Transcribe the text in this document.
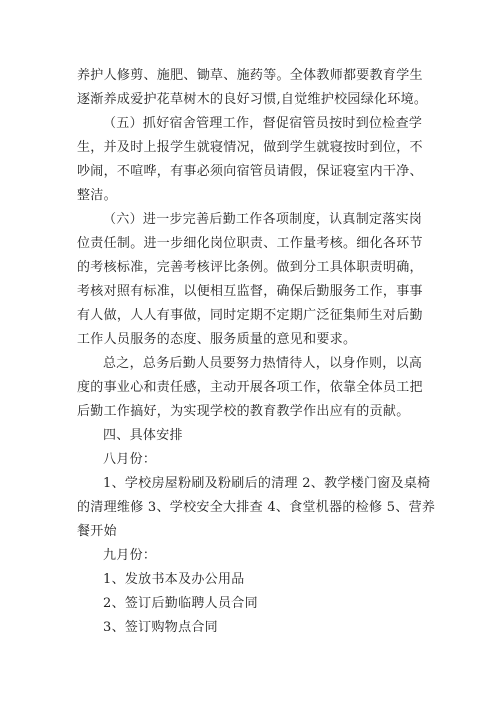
养护人修剪、施肥、锄草、施药等。全体教师都要教育学生
逐渐养成爱护花草树木的良好习惯,自觉维护校园绿化环境。
（五）抓好宿舍管理工作，督促宿管员按时到位检查学
生，并及时上报学生就寝情况，做到学生就寝按时到位，不
吵闹，不喧哗，有事必须向宿管员请假，保证寝室内干净、
整洁。
（六）进一步完善后勤工作各项制度，认真制定落实岗
位责任制。进一步细化岗位职责、工作量考核。细化各环节
的考核标准，完善考核评比条例。做到分工具体职责明确，
考核对照有标准，以便相互监督，确保后勤服务工作，事事
有人做，人人有事做，同时定期不定期广泛征集师生对后勤
工作人员服务的态度、服务质量的意见和要求。
总之，总务后勤人员要努力热情待人，以身作则，以高
度的事业心和责任感，主动开展各项工作，依靠全体员工把
后勤工作搞好，为实现学校的教育教学作出应有的贡献。
四、具体安排
八月份：
1、学校房屋粉刷及粉刷后的清理 2、教学楼门窗及桌椅
的清理维修 3、学校安全大排查 4、食堂机器的检修 5、营养
餐开始
九月份：
1、发放书本及办公用品
2、签订后勤临聘人员合同
3、签订购物点合同
